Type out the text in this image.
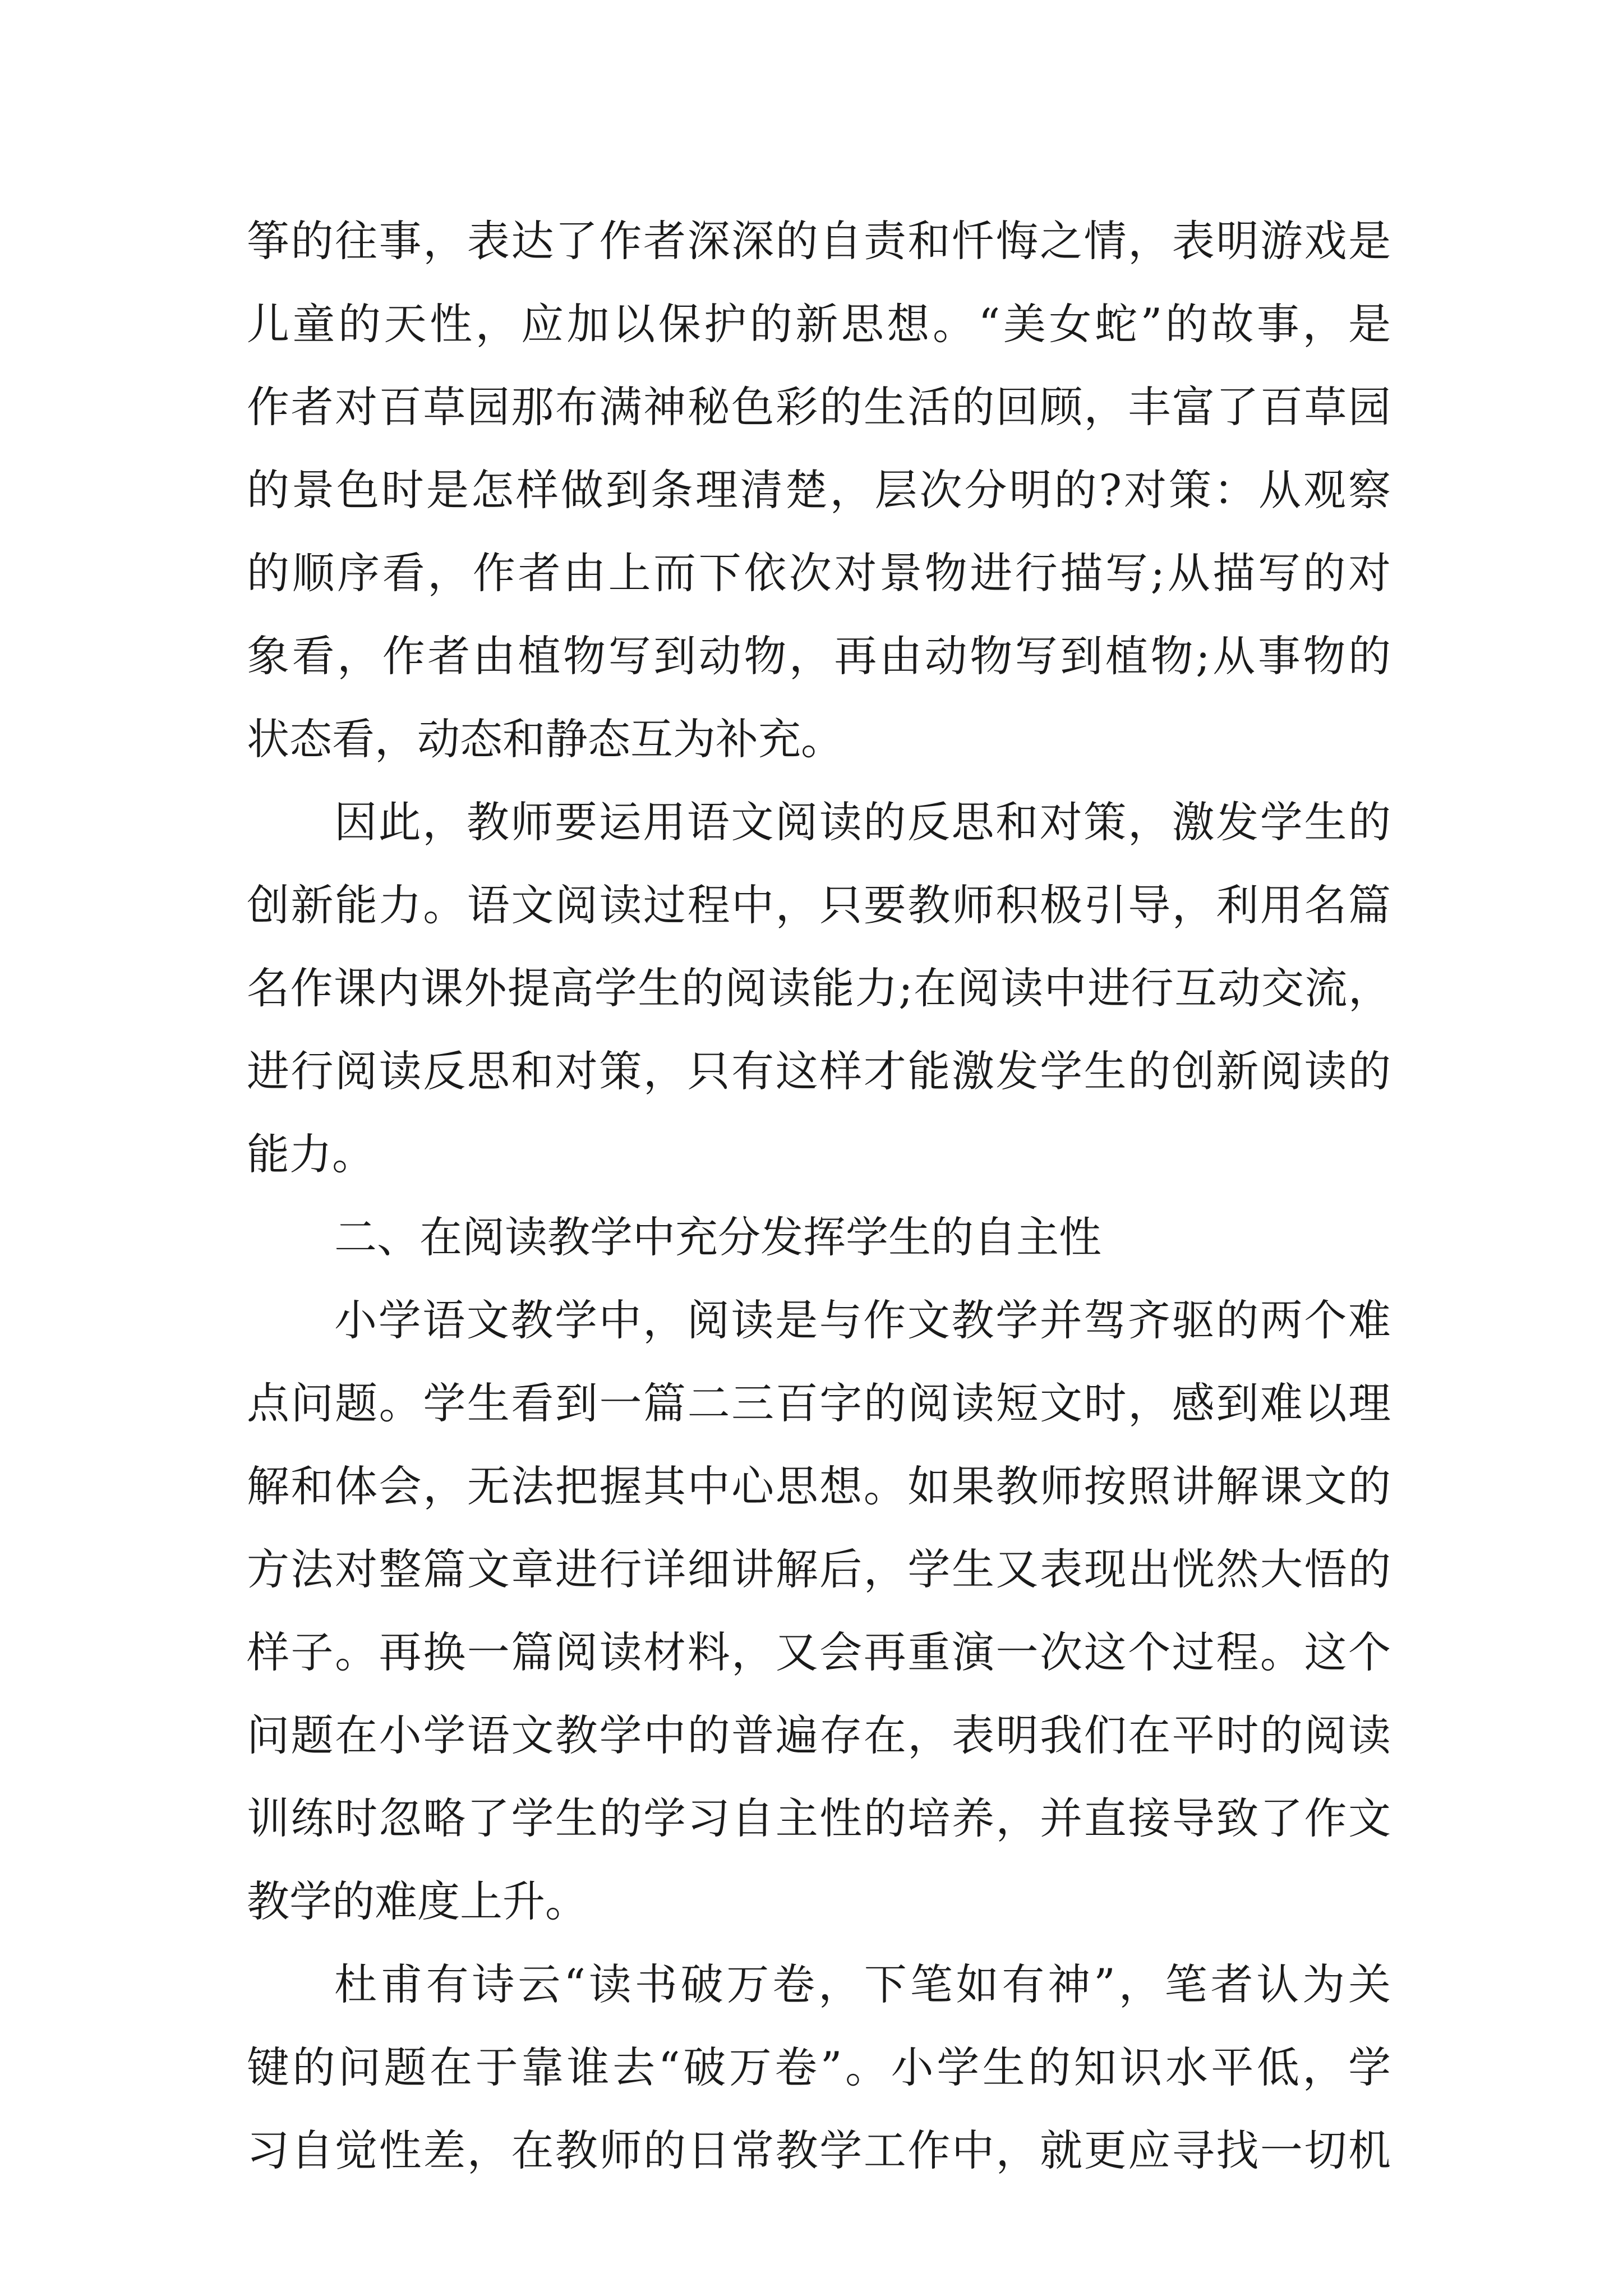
筝的往事，表达了作者深深的自责和忏悔之情，表明游戏是
儿童的天性，应加以保护的新思想。“美女蛇”的故事，是
作者对百草园那布满神秘色彩的生活的回顾，丰富了百草园
的景色时是怎样做到条理清楚，层次分明的?对策：从观察
的顺序看，作者由上而下依次对景物进行描写;从描写的对
象看，作者由植物写到动物，再由动物写到植物;从事物的
状态看，动态和静态互为补充。
因此，教师要运用语文阅读的反思和对策，激发学生的
创新能力。语文阅读过程中，只要教师积极引导，利用名篇
名作课内课外提高学生的阅读能力;在阅读中进行互动交流，
进行阅读反思和对策，只有这样才能激发学生的创新阅读的
能力。
二、在阅读教学中充分发挥学生的自主性
小学语文教学中，阅读是与作文教学并驾齐驱的两个难
点问题。学生看到一篇二三百字的阅读短文时，感到难以理
解和体会，无法把握其中心思想。如果教师按照讲解课文的
方法对整篇文章进行详细讲解后，学生又表现出恍然大悟的
样子。再换一篇阅读材料，又会再重演一次这个过程。这个
问题在小学语文教学中的普遍存在，表明我们在平时的阅读
训练时忽略了学生的学习自主性的培养，并直接导致了作文
教学的难度上升。
杜甫有诗云“读书破万卷，下笔如有神”，笔者认为关
键的问题在于靠谁去“破万卷”。小学生的知识水平低，学
习自觉性差，在教师的日常教学工作中，就更应寻找一切机
